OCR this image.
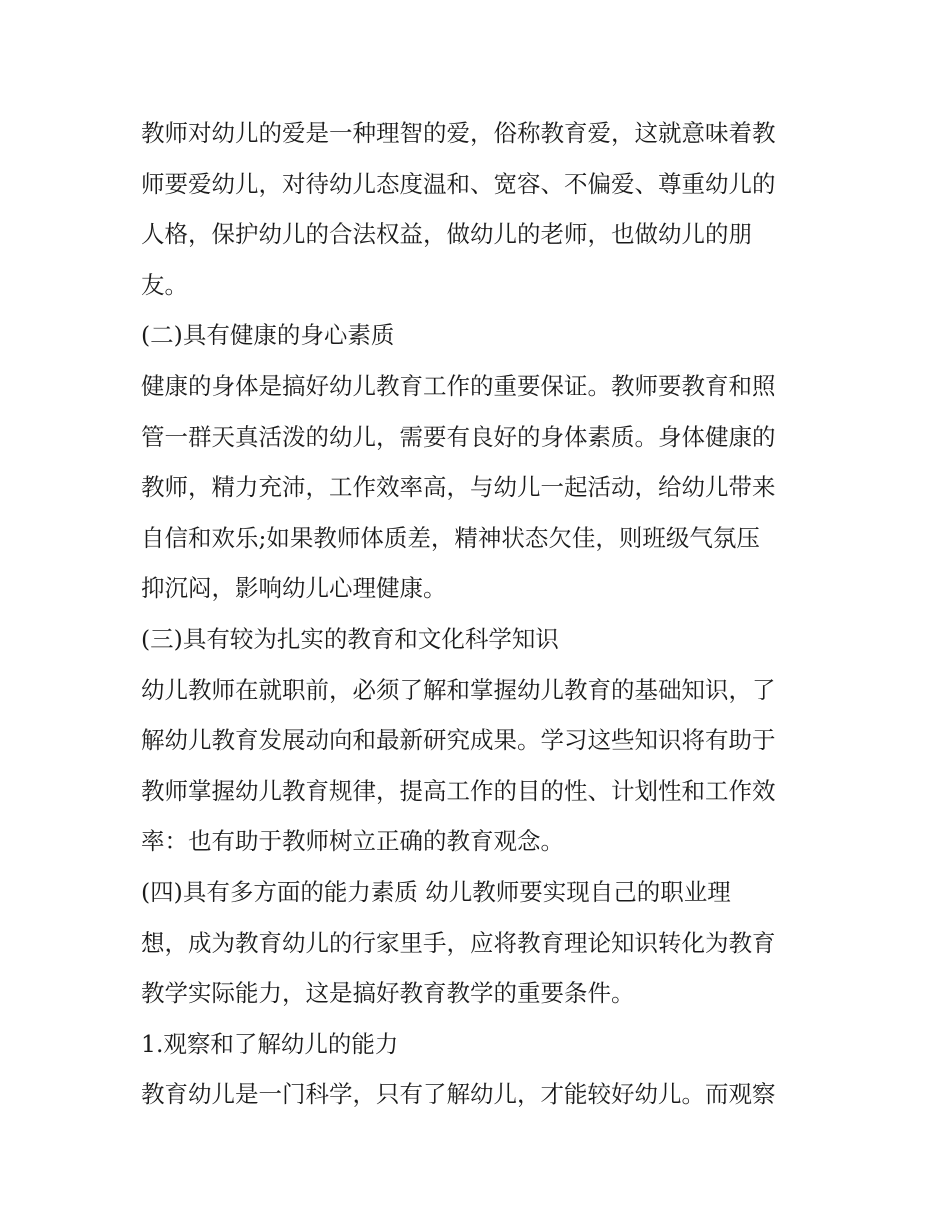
教师对幼儿的爱是一种理智的爱，俗称教育爱，这就意味着教
师要爱幼儿，对待幼儿态度温和、宽容、不偏爱、尊重幼儿的
人格，保护幼儿的合法权益，做幼儿的老师，也做幼儿的朋
友。
(二)具有健康的身心素质
健康的身体是搞好幼儿教育工作的重要保证。教师要教育和照
管一群天真活泼的幼儿，需要有良好的身体素质。身体健康的
教师，精力充沛，工作效率高，与幼儿一起活动，给幼儿带来
自信和欢乐;如果教师体质差，精神状态欠佳，则班级气氛压
抑沉闷，影响幼儿心理健康。
(三)具有较为扎实的教育和文化科学知识
幼儿教师在就职前，必须了解和掌握幼儿教育的基础知识，了
解幼儿教育发展动向和最新研究成果。学习这些知识将有助于
教师掌握幼儿教育规律，提高工作的目的性、计划性和工作效
率：也有助于教师树立正确的教育观念。
(四)具有多方面的能力素质 幼儿教师要实现自己的职业理
想，成为教育幼儿的行家里手，应将教育理论知识转化为教育
教学实际能力，这是搞好教育教学的重要条件。
1.观察和了解幼儿的能力
教育幼儿是一门科学，只有了解幼儿，才能较好幼儿。而观察
